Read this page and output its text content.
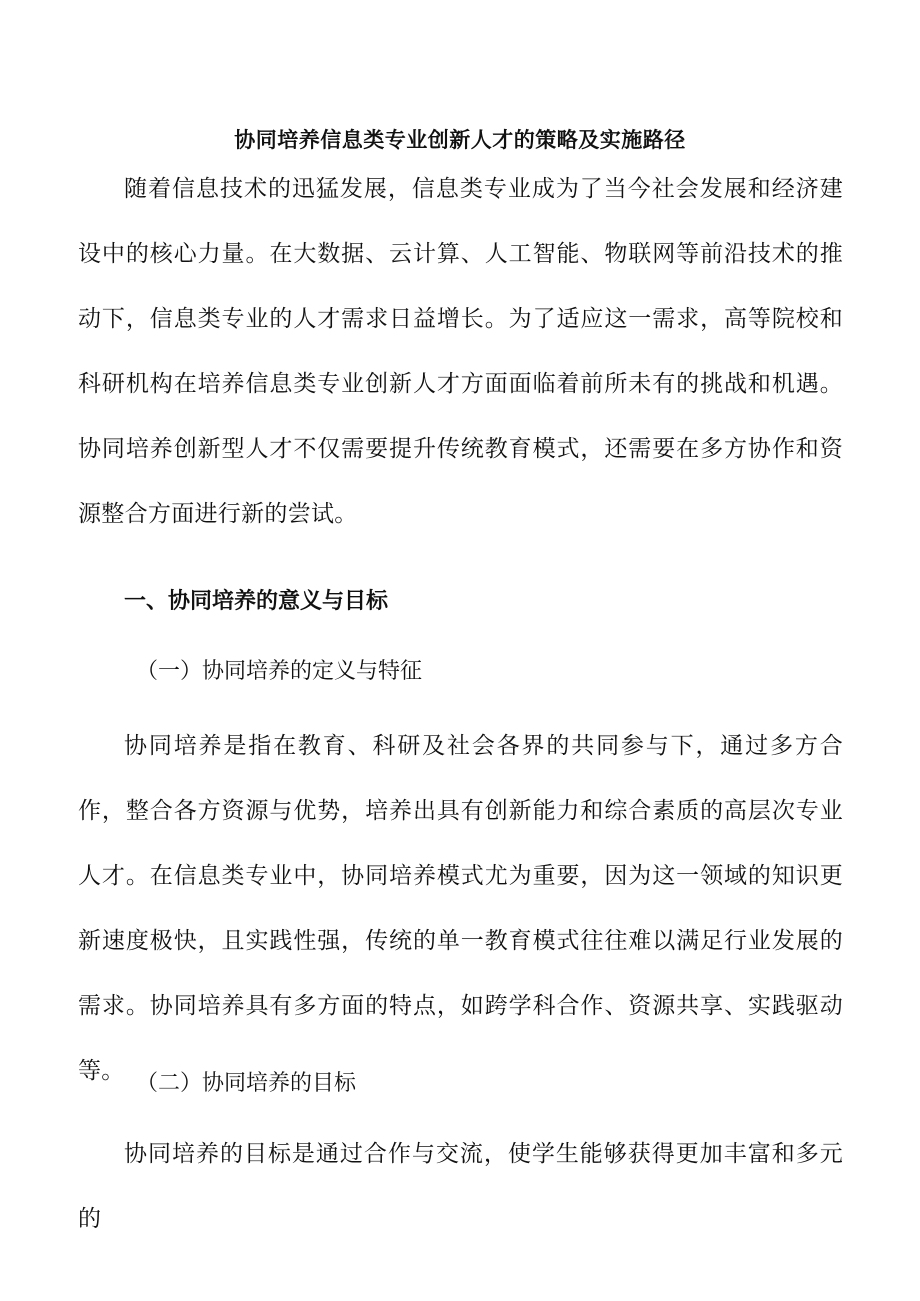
协同培养信息类专业创新人才的策略及实施路径
随着信息技术的迅猛发展，信息类专业成为了当今社会发展和经济建设中的核心力量。在大数据、云计算、人工智能、物联网等前沿技术的推动下，信息类专业的人才需求日益增长。为了适应这一需求，高等院校和科研机构在培养信息类专业创新人才方面面临着前所未有的挑战和机遇。协同培养创新型人才不仅需要提升传统教育模式，还需要在多方协作和资源整合方面进行新的尝试。
一、协同培养的意义与目标
（一）协同培养的定义与特征
协同培养是指在教育、科研及社会各界的共同参与下，通过多方合作，整合各方资源与优势，培养出具有创新能力和综合素质的高层次专业人才。在信息类专业中，协同培养模式尤为重要，因为这一领域的知识更新速度极快，且实践性强，传统的单一教育模式往往难以满足行业发展的需求。协同培养具有多方面的特点，如跨学科合作、资源共享、实践驱动等。 （二）协同培养的目标
协同培养的目标是通过合作与交流，使学生能够获得更加丰富和多元的
